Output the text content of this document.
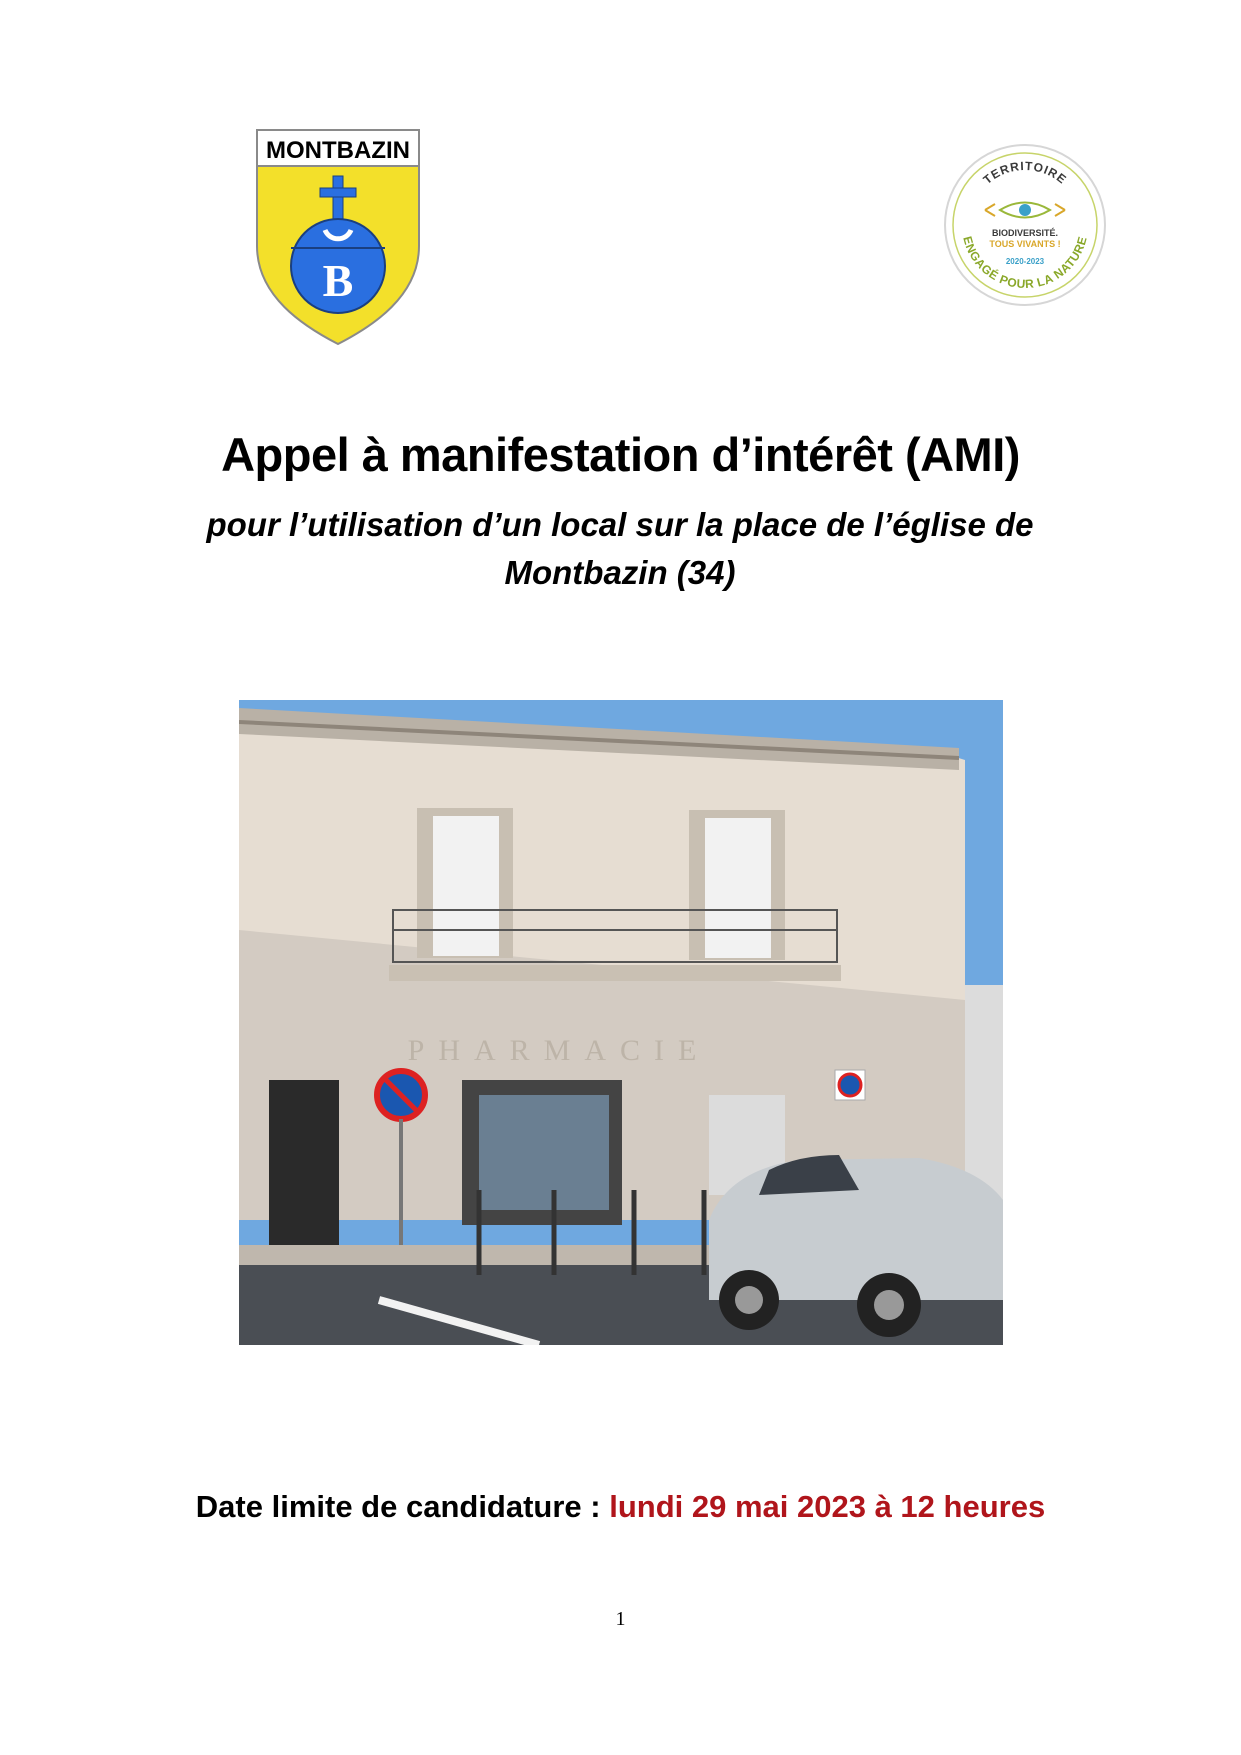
MONTBAZIN
B
TERRITOIRE
BIODIVERSITÉ.
TOUS VIVANTS !
2020-2023
ENGAGÉ POUR LA NATURE
Appel à manifestation d’intérêt (AMI)
pour l’utilisation d’un local sur la place de l’église de
Montbazin (34)
PHARMACIE
Date limite de candidature : lundi 29 mai 2023 à 12 heures
1
